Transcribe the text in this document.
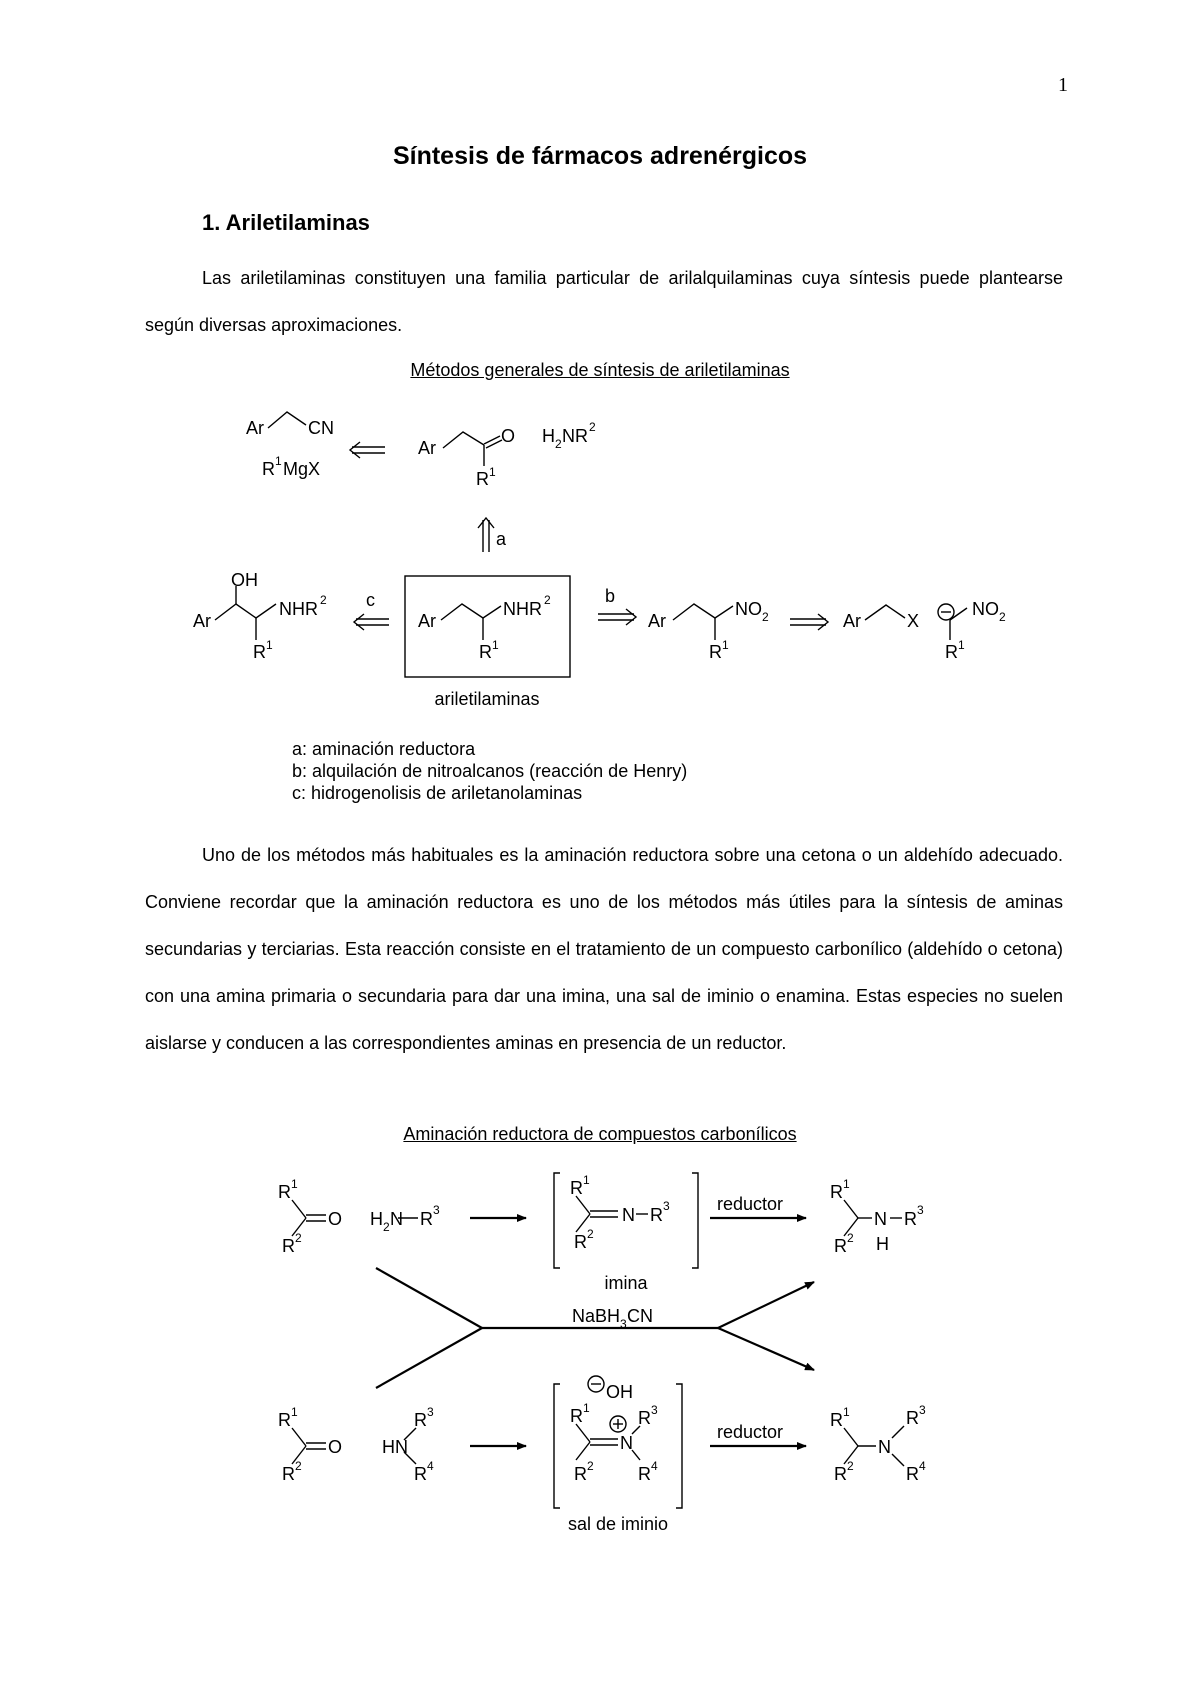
1
Síntesis de fármacos adrenérgicos
1. Ariletilaminas

Las ariletilaminas constituyen una familia particular de arilalquilaminas cuya síntesis puede plantearse según diversas aproximaciones.

Métodos generales de síntesis de ariletilaminas
Ar CN
R 1 MgX
Ar
O
R 1
H 2 NR 2
a
OH
Ar
NHR 2
R 1
c
Ar
NHR 2
R 1
b
Ar
NO 2
R 1
Ar	X
NO 2
R 1
ariletilaminas
a: aminación reductora
b: alquilación de nitroalcanos (reacción de Henry)
c: hidrogenolisis de ariletanolaminas

Uno de los métodos más habituales es la aminación reductora sobre una cetona o un aldehído adecuado. Conviene recordar que la aminación reductora es uno de los métodos más útiles para la síntesis de aminas secundarias y terciarias. Esta reacción consiste en el tratamiento de un compuesto carbonílico (aldehído o cetona) con una amina primaria o secundaria para dar una imina, una sal de iminio o enamina. Estas especies no suelen aislarse y conducen a las correspondientes aminas en presencia de un reductor.

Aminación reductora de compuestos carbonílicos
R 1
O
R 2
H 2 N R 3
R 1
N R 3
R 2
imina
reductor
R 1
N R 3
H
R 2
NaBH 3 CN
R 1
O
R 2
HN
R 3
R 4
OH
R 1
N
R 3
R 4
R 2
sal de iminio
reductor
R 1
N
R 3
R 4
R 2
